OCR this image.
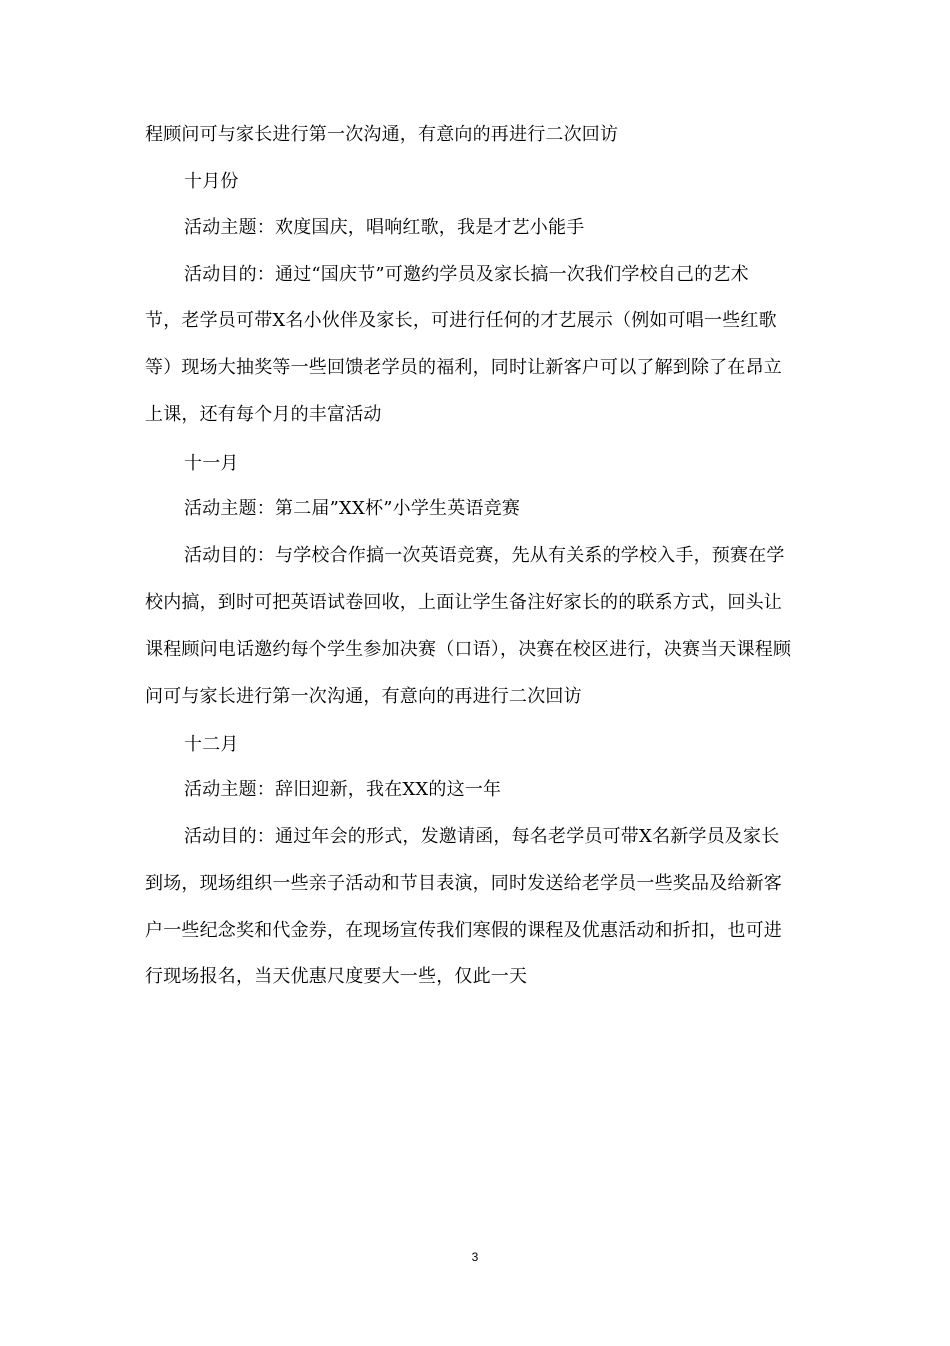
程顾问可与家长进行第一次沟通，有意向的再进行二次回访
十月份
活动主题：欢度国庆，唱响红歌，我是才艺小能手
活动目的：通过“国庆节”可邀约学员及家长搞一次我们学校自己的艺术
节，老学员可带X名小伙伴及家长，可进行任何的才艺展示（例如可唱一些红歌
等）现场大抽奖等一些回馈老学员的福利，同时让新客户可以了解到除了在昂立
上课，还有每个月的丰富活动
十一月
活动主题：第二届”XX杯”小学生英语竞赛
活动目的：与学校合作搞一次英语竞赛，先从有关系的学校入手，预赛在学
校内搞，到时可把英语试卷回收，上面让学生备注好家长的的联系方式，回头让
课程顾问电话邀约每个学生参加决赛（口语），决赛在校区进行，决赛当天课程顾
问可与家长进行第一次沟通，有意向的再进行二次回访
十二月
活动主题：辞旧迎新，我在XX的这一年
活动目的：通过年会的形式，发邀请函，每名老学员可带X名新学员及家长
到场，现场组织一些亲子活动和节目表演，同时发送给老学员一些奖品及给新客
户一些纪念奖和代金券，在现场宣传我们寒假的课程及优惠活动和折扣，也可进
行现场报名，当天优惠尺度要大一些，仅此一天
3
